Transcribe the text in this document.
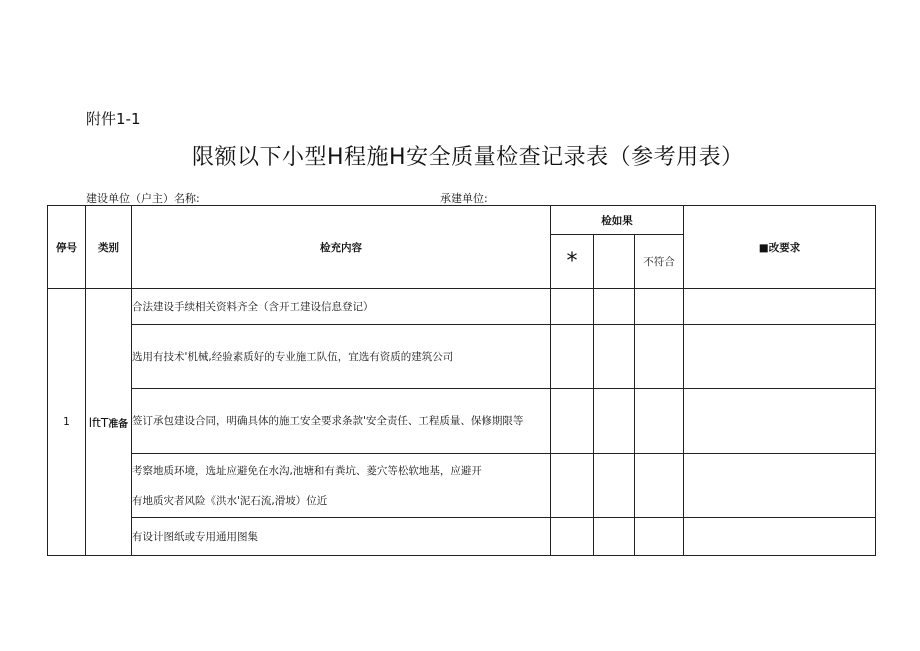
附件1-1
限额以下小型H程施H安全质量检查记录表（参考用表）
建设单位（户主）名称:	承建单位:
停号	类别	检充内容	检如果			■改要求
			*		不符合	
1	lftT准备	合法建设手续相关资料齐全（含开工建设信息登记）				

		选用有技术'机械,经验素质好的专业施工队伍，宜选有资质的建筑公司				

		签订承包建设合同，明确具体的施工安全要求条款'安全责任、工程质量、保修期限等				

		考察地质环境，选址应避免在水沟,池塘和有粪坑、菱穴等松软地基，应避开
有地质灾者风险《洪水'泥石流,滑坡）位近				

		有设计图纸或专用通用图集				
